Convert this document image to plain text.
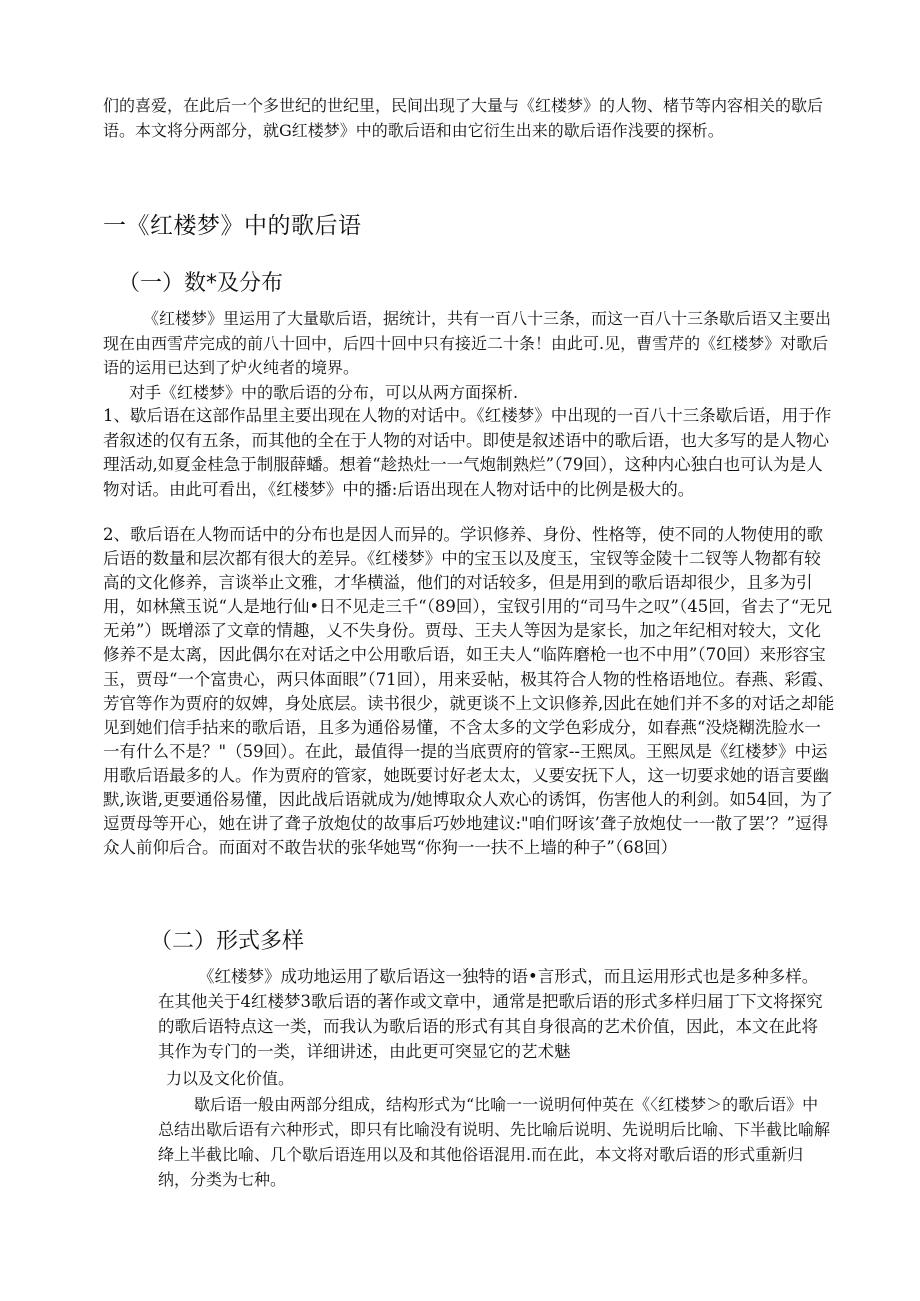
们的喜爱，在此后一个多世纪的世纪里，民间出现了大量与《红楼梦》的人物、楮节等内容相关的歇后语。本文将分两部分，就G红楼梦》中的歌后语和由它衍生出来的歇后语作浅要的探析。

一《红楼梦》中的歌后语
（一）数*及分布

《红楼梦》里运用了大量歇后语，据统计，共有一百八十三条，而这一百八十三条歇后语又主要出现在由西雪芹完成的前八十回中，后四十回中只有接近二十条！由此可.见，曹雪芹的《红楼梦》对歌后语的运用已达到了炉火纯者的境界。

对手《红楼梦》中的歌后语的分布，可以从两方面探析.

1、歇后语在这部作品里主要出现在人物的对话中。《红楼梦》中出现的一百八十三条歇后语，用于作者叙述的仅有五条，而其他的全在于人物的对话中。即使是叙述语中的歌后语，也大多写的是人物心理活动,如夏金桂急于制服薛蟠。想着“趁热灶一一气炮制熟烂”（79回），这种内心独白也可认为是人物对话。由此可看出，《红楼梦》中的播:后语出现在人物对话中的比例是极大的。

2、歌后语在人物而话中的分布也是因人而异的。学识修养、身份、性格等，使不同的人物使用的歌后语的数量和层次都有很大的差异。《红楼梦》中的宝玉以及度玉，宝钗等金陵十二钗等人物都有较高的文化修养，言谈举止文雅，才华横溢，他们的对话较多，但是用到的歌后语却很少，且多为引用，如林黛玉说“人是地行仙•日不见走三千“（89回），宝钗引用的“司马牛之叹”（45回，省去了“无兄无弟”）既增添了文章的情趣，乂不失身份。贾母、王夫人等因为是家长，加之年纪相对较大，文化修养不是太离，因此偶尔在对话之中公用歌后语，如王夫人“临阵磨枪一也不中用”（70回）来形容宝玉，贾母“一个富贵心，两只体面眼”（71回），用来妥帖，极其符合人物的性格语地位。春燕、彩霞、芳官等作为贾府的奴婢，身处底层。读书很少，就更谈不上文识修养,因此在她们并不多的对话之却能见到她们信手拈来的歌后语，且多为通俗易懂，不含太多的文学色彩成分，如春燕“没烧糊洗脸水一一有什么不是？"（59回）。在此，最值得一提的当底贾府的管家--王熙凤。王熙凤是《红楼梦》中运用歌后语最多的人。作为贾府的管家，她既要讨好老太太，乂要安抚下人，这一切要求她的语言要幽默,诙谐,更要通俗易懂，因此战后语就成为/她博取众人欢心的诱饵，伤害他人的利剑。如54回，为了逗贾母等开心，她在讲了聋子放炮仗的故事后巧妙地建议:"咱们呀该’聋子放炮仗一一散了罢’？”逗得众人前仰后合。而面对不敢告状的张华她骂“你狗一一扶不上墙的种子”（68回）

（二）形式多样

《红楼梦》成功地运用了歇后语这一独特的语•言形式，而且运用形式也是多种多样。在其他关于4红楼梦3歌后语的著作或文章中，通常是把歌后语的形式多样归届丁下文将探究的歌后语特点这一类，而我认为歌后语的形式有其自身很高的艺术价值，因此，本文在此将其作为专门的一类，详细讲述，由此更可突显它的艺术魅

力以及文化价值。

歇后语一般由两部分组成，结构形式为“比喻一一说明何仲英在《〈红楼梦＞的歌后语》中总结出歇后语有六种形式，即只有比喻没有说明、先比喻后说明、先说明后比喻、下半截比喻解绛上半截比喻、几个歇后语连用以及和其他俗语混用.而在此，本文将对歌后语的形式重新归纳，分类为七种。
